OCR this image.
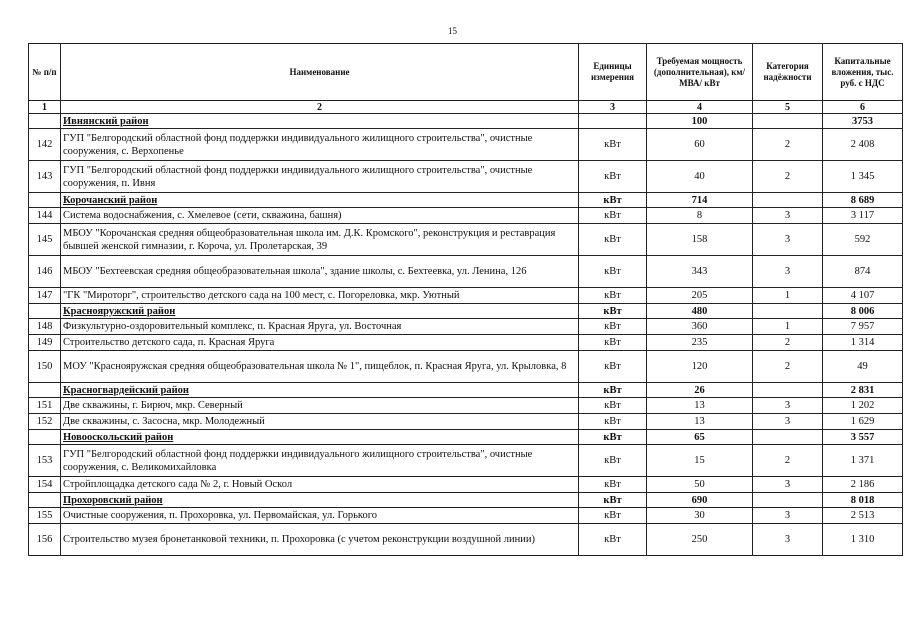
15
№ п/п	Наименование	Единицы измерения	Требуемая мощность (дополнительная), км/ МВА/ кВт	Категория надёжности	Капитальные вложения, тыс. руб. с НДС
1	2	3	4	5	6
	Ивнянский район		100		3753
142	ГУП "Белгородский областной фонд поддержки индивидуального жилищного строительства", очистные сооружения, с. Верхопенье	кВт	60	2	2 408
143	ГУП "Белгородский областной фонд поддержки индивидуального жилищного строительства", очистные сооружения, п. Ивня	кВт	40	2	1 345
	Корочанский район	кВт	714		8 689
144	Система водоснабжения, с. Хмелевое (сети, скважина, башня)	кВт	8	3	3 117
145	МБОУ "Корочанская средняя общеобразовательная школа им. Д.К. Кромского", реконструкция и реставрация бывшей женской гимназии, г. Короча, ул. Пролетарская, 39	кВт	158	3	592
146	МБОУ "Бехтеевская средняя общеобразовательная школа", здание школы, с. Бехтеевка, ул. Ленина, 126	кВт	343	3	874
147	"ГК "Мироторг", строительство детского сада на 100 мест, с. Погореловка, мкр. Уютный	кВт	205	1	4 107
	Краснояружский район	кВт	480		8 006
148	Физкультурно-оздоровительный комплекс, п. Красная Яруга, ул. Восточная	кВт	360	1	7 957
149	Строительство детского сада, п. Красная Яруга	кВт	235	2	1 314
150	МОУ "Краснояружская средняя общеобразовательная школа № 1", пищеблок, п. Красная Яруга, ул. Крыловка, 8	кВт	120	2	49
	Красногвардейский район	кВт	26		2 831
151	Две скважины, г. Бирюч, мкр. Северный	кВт	13	3	1 202
152	Две скважины, с. Засосна, мкр. Молодежный	кВт	13	3	1 629
	Новооскольский район	кВт	65		3 557
153	ГУП "Белгородский областной фонд поддержки индивидуального жилищного строительства", очистные сооружения, с. Великомихайловка	кВт	15	2	1 371
154	Стройплощадка детского сада № 2, г. Новый Оскол	кВт	50	3	2 186
	Прохоровский район	кВт	690		8 018
155	Очистные сооружения, п. Прохоровка, ул. Первомайская, ул. Горького	кВт	30	3	2 513
156	Строительство музея бронетанковой техники, п. Прохоровка (с учетом реконструкции воздушной линии)	кВт	250	3	1 310
